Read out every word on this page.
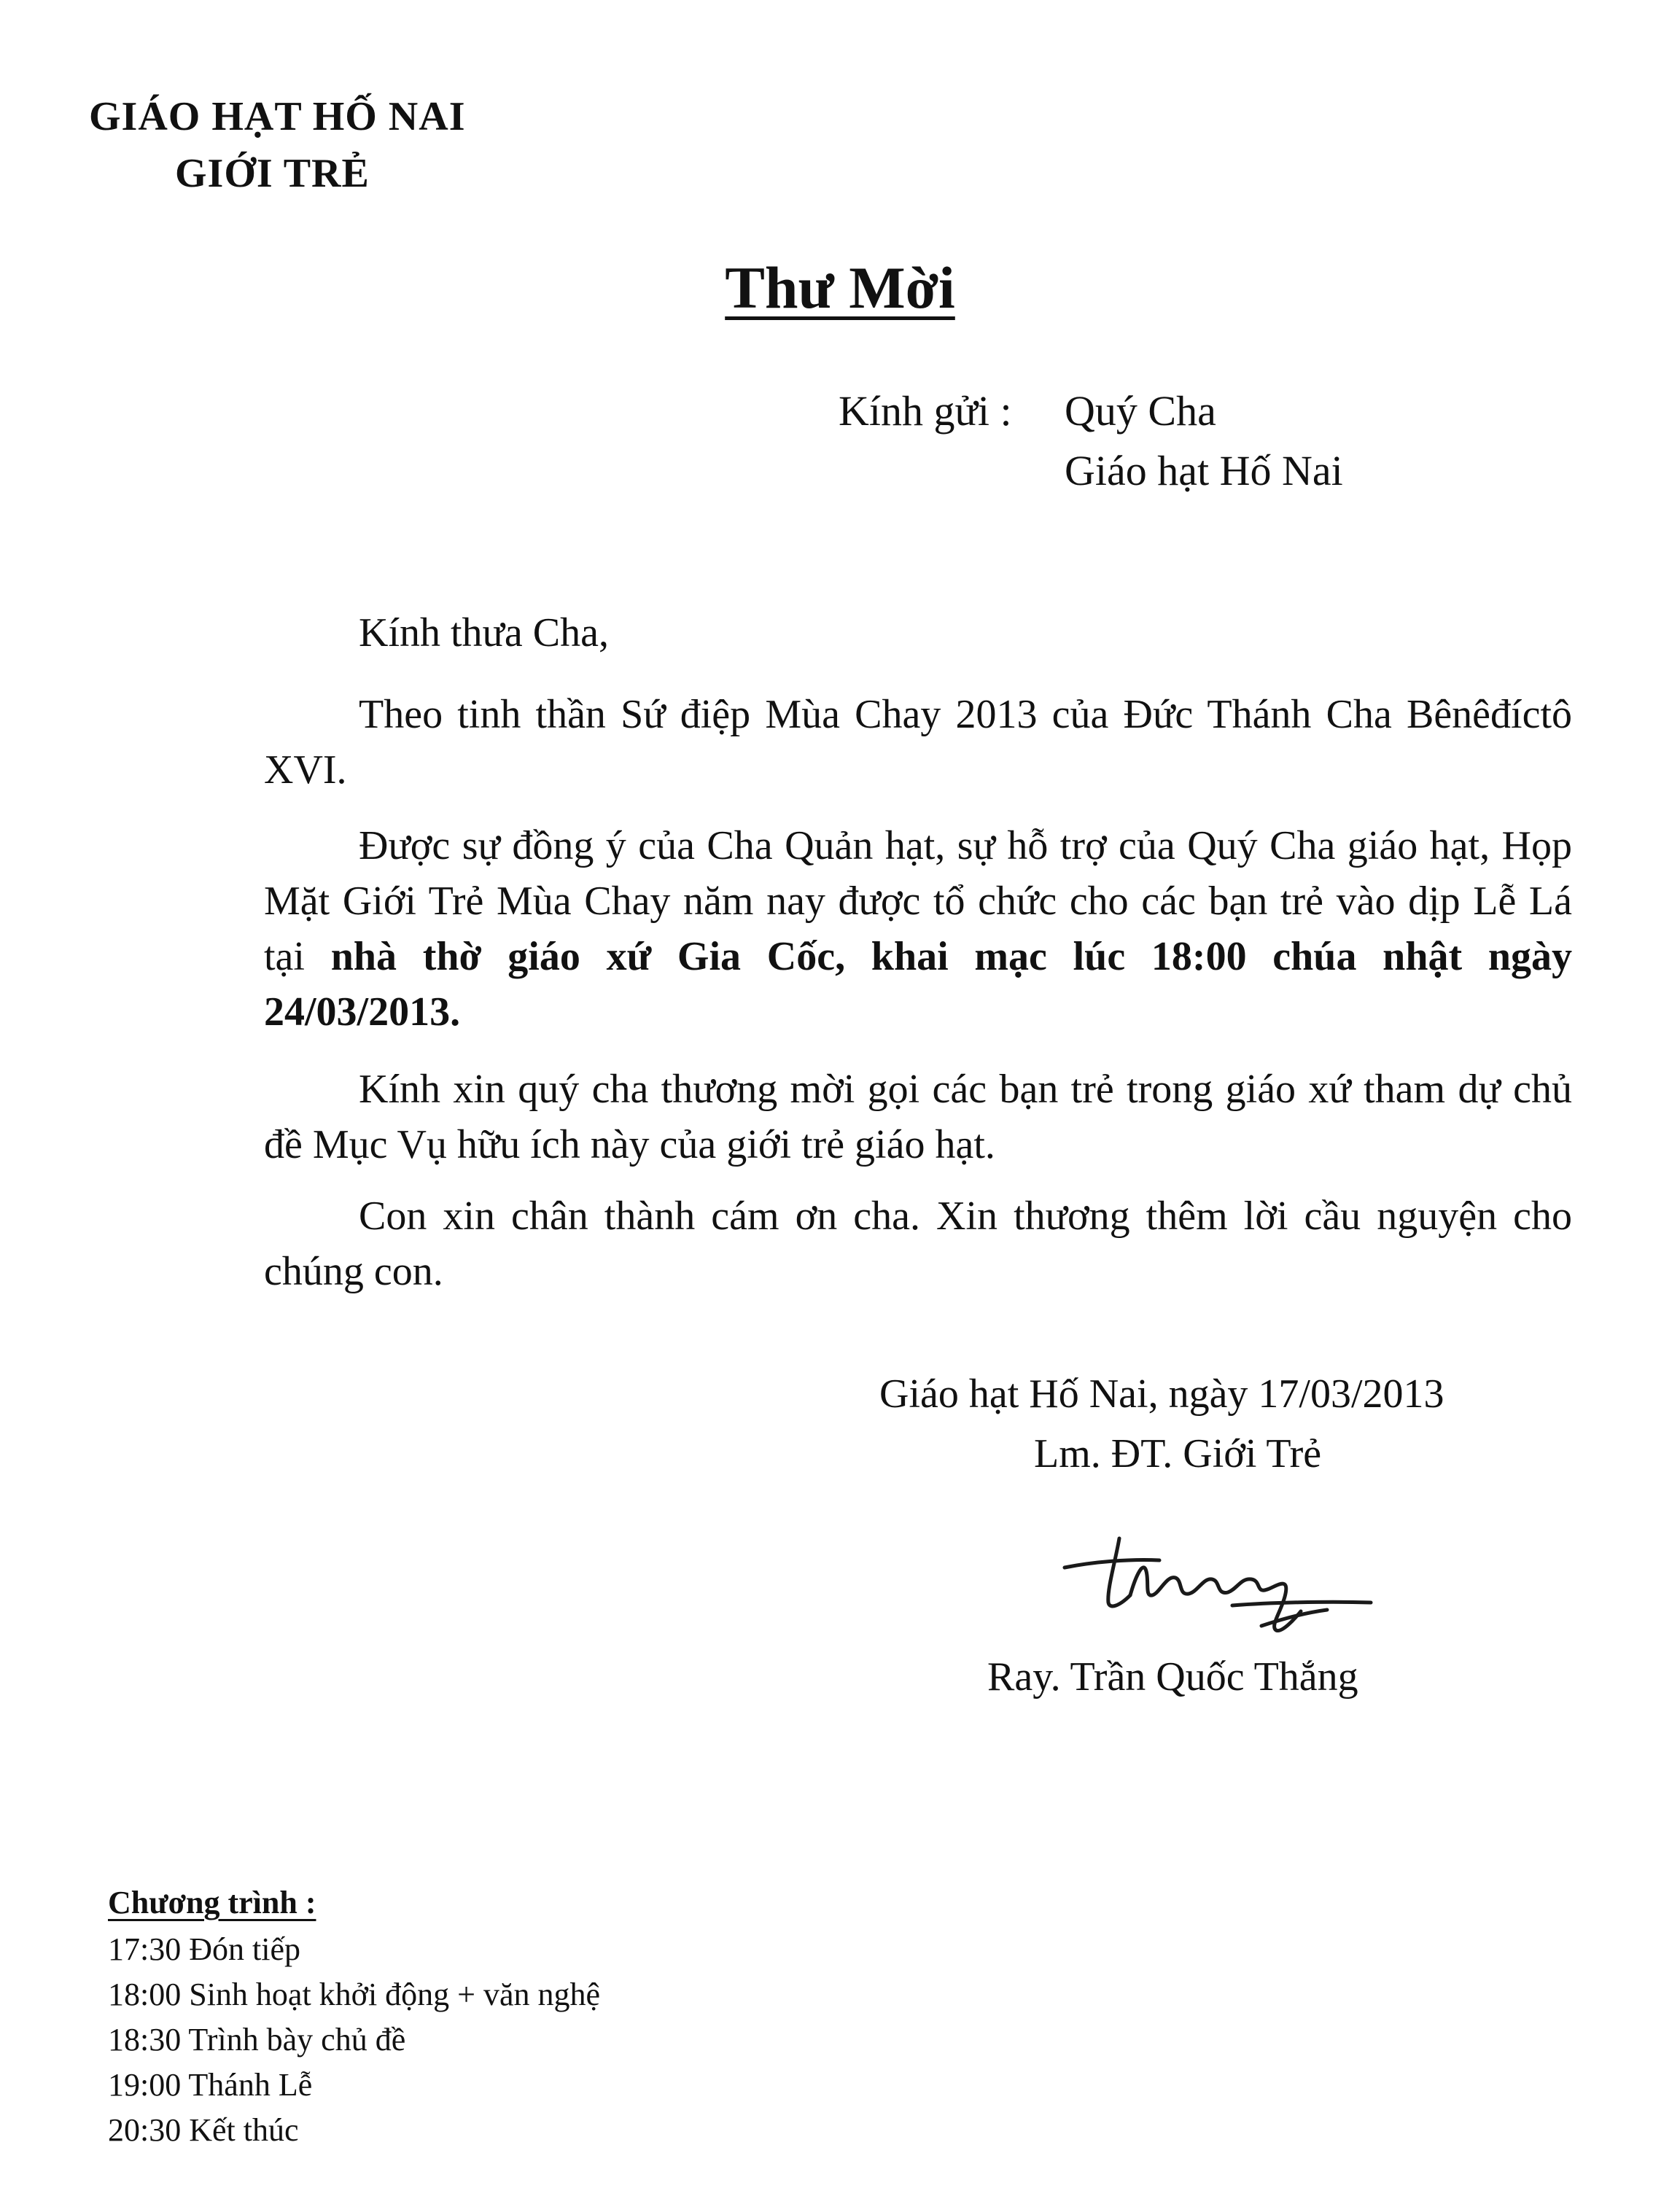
GIÁO HẠT HỐ NAI
GIỚI TRẺ
Thư Mời
Kính gửi : Quý Cha
Giáo hạt Hố Nai
Kính thưa Cha,

Theo tinh thần Sứ điệp Mùa Chay 2013 của Đức Thánh Cha Bênêđíctô XVI.

Được sự đồng ý của Cha Quản hạt, sự hỗ trợ của Quý Cha giáo hạt, Họp Mặt Giới Trẻ Mùa Chay năm nay được tổ chức cho các bạn trẻ vào dịp Lễ Lá tại nhà thờ giáo xứ Gia Cốc, khai mạc lúc 18:00 chúa nhật ngày 24/03/2013.

Kính xin quý cha thương mời gọi các bạn trẻ trong giáo xứ tham dự chủ đề Mục Vụ hữu ích này của giới trẻ giáo hạt.

Con xin chân thành cám ơn cha. Xin thương thêm lời cầu nguyện cho chúng con.

Giáo hạt Hố Nai, ngày 17/03/2013
Lm. ĐT. Giới Trẻ
Ray. Trần Quốc Thắng
Chương trình :
17:30 Đón tiếp
18:00 Sinh hoạt khởi động + văn nghệ
18:30 Trình bày chủ đề
19:00 Thánh Lễ
20:30 Kết thúc
